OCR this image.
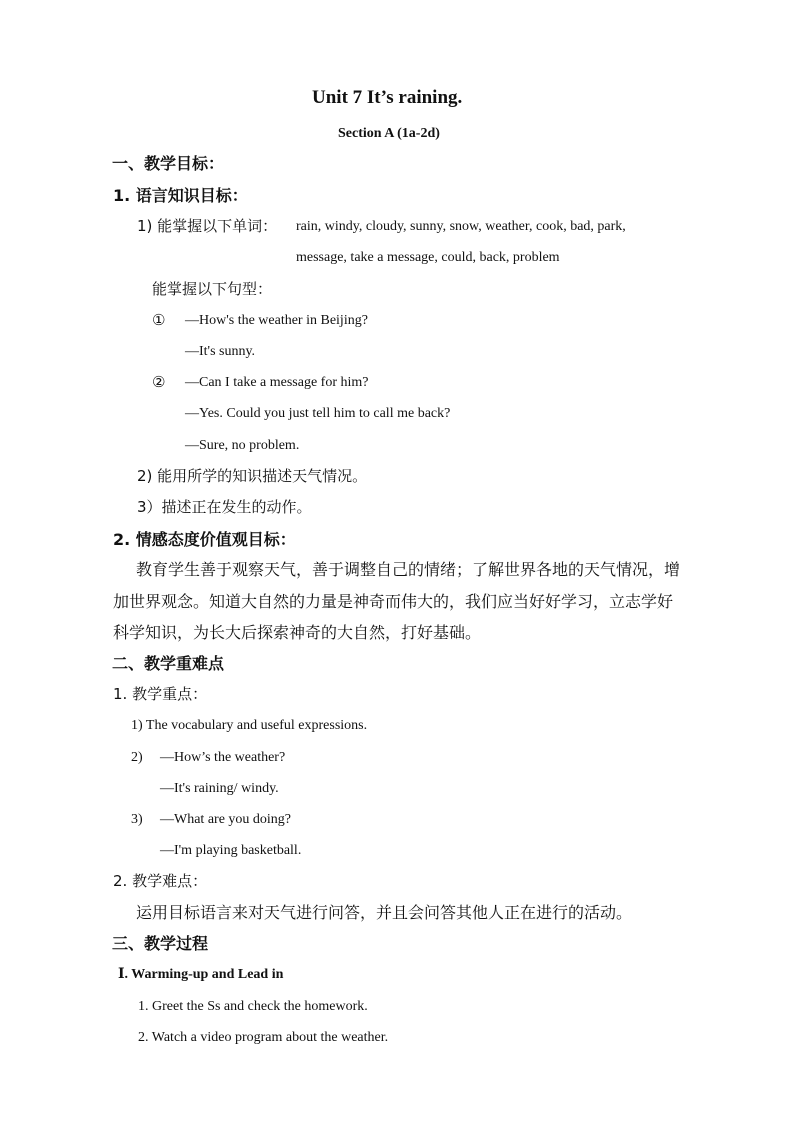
Unit 7 It’s raining.
Section A (1a-2d)
一、教学目标：
1. 语言知识目标：
1) 能掌握以下单词： rain, windy, cloudy, sunny, snow, weather, cook, bad, park,
message, take a message, could, back, problem
能掌握以下句型：
① —How's the weather in Beijing?
—It's sunny.
② —Can I take a message for him?
—Yes. Could you just tell him to call me back?
—Sure, no problem.
2) 能用所学的知识描述天气情况。
3）描述正在发生的动作。
2. 情感态度价值观目标：
教育学生善于观察天气，善于调整自己的情绪；了解世界各地的天气情况，增
加世界观念。知道大自然的力量是神奇而伟大的，我们应当好好学习，立志学好
科学知识，为长大后探索神奇的大自然，打好基础。
二、教学重难点
1. 教学重点：
1) The vocabulary and useful expressions.
2) —How’s the weather?
—It's raining/ windy.
3) —What are you doing?
—I'm playing basketball.
2. 教学难点：
运用目标语言来对天气进行问答，并且会问答其他人正在进行的活动。
三、教学过程
Ⅰ. Warming-up and Lead in
1. Greet the Ss and check the homework.
2. Watch a video program about the weather.
